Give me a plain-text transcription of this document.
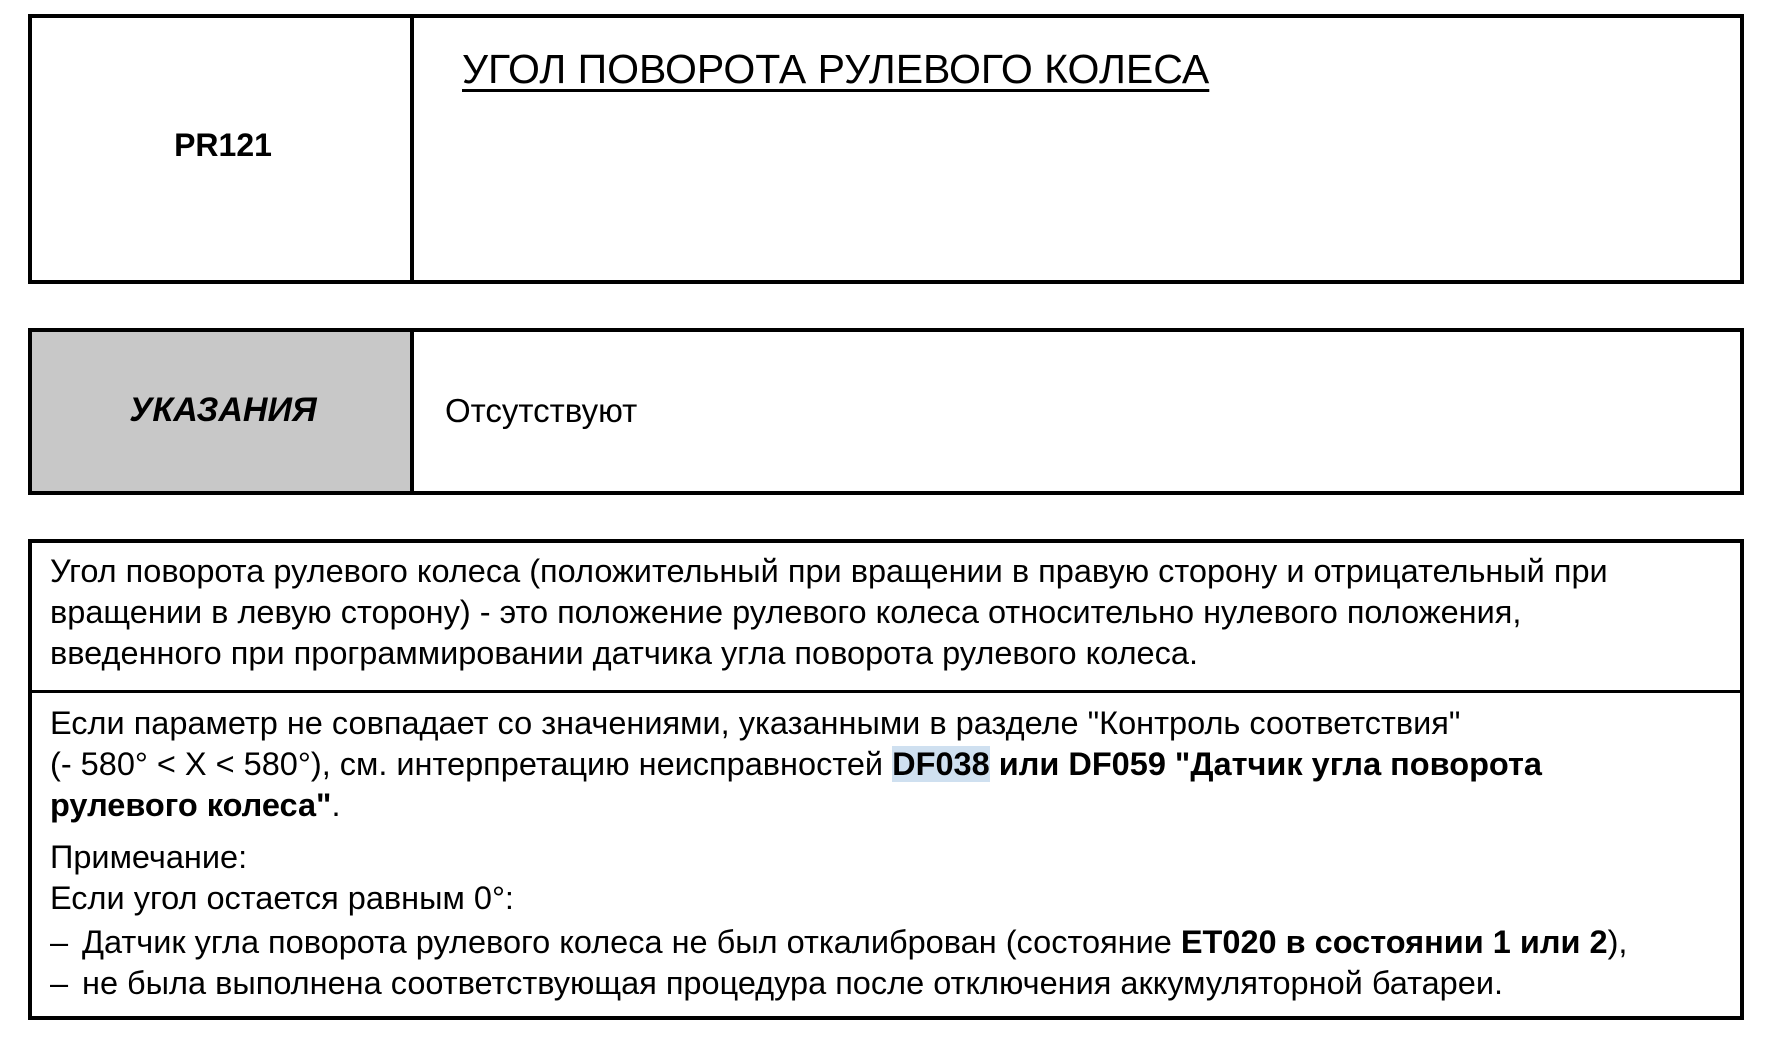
PR121
УГОЛ ПОВОРОТА РУЛЕВОГО КОЛЕСА
УКАЗАНИЯ	Отсутствуют
Угол поворота рулевого колеса (положительный при вращении в правую сторону и отрицательный при
вращении в левую сторону) - это положение рулевого колеса относительно нулевого положения,
введенного при программировании датчика угла поворота рулевого колеса.
Если параметр не совпадает со значениями, указанными в разделе "Контроль соответствия"
(- 580° < X < 580°), см. интерпретацию неисправностей DF038 или DF059 "Датчик угла поворота
рулевого колеса".
Примечание:
Если угол остается равным 0°:
– Датчик угла поворота рулевого колеса не был откалиброван (состояние ET020 в состоянии 1 или 2),
– не была выполнена соответствующая процедура после отключения аккумуляторной батареи.
